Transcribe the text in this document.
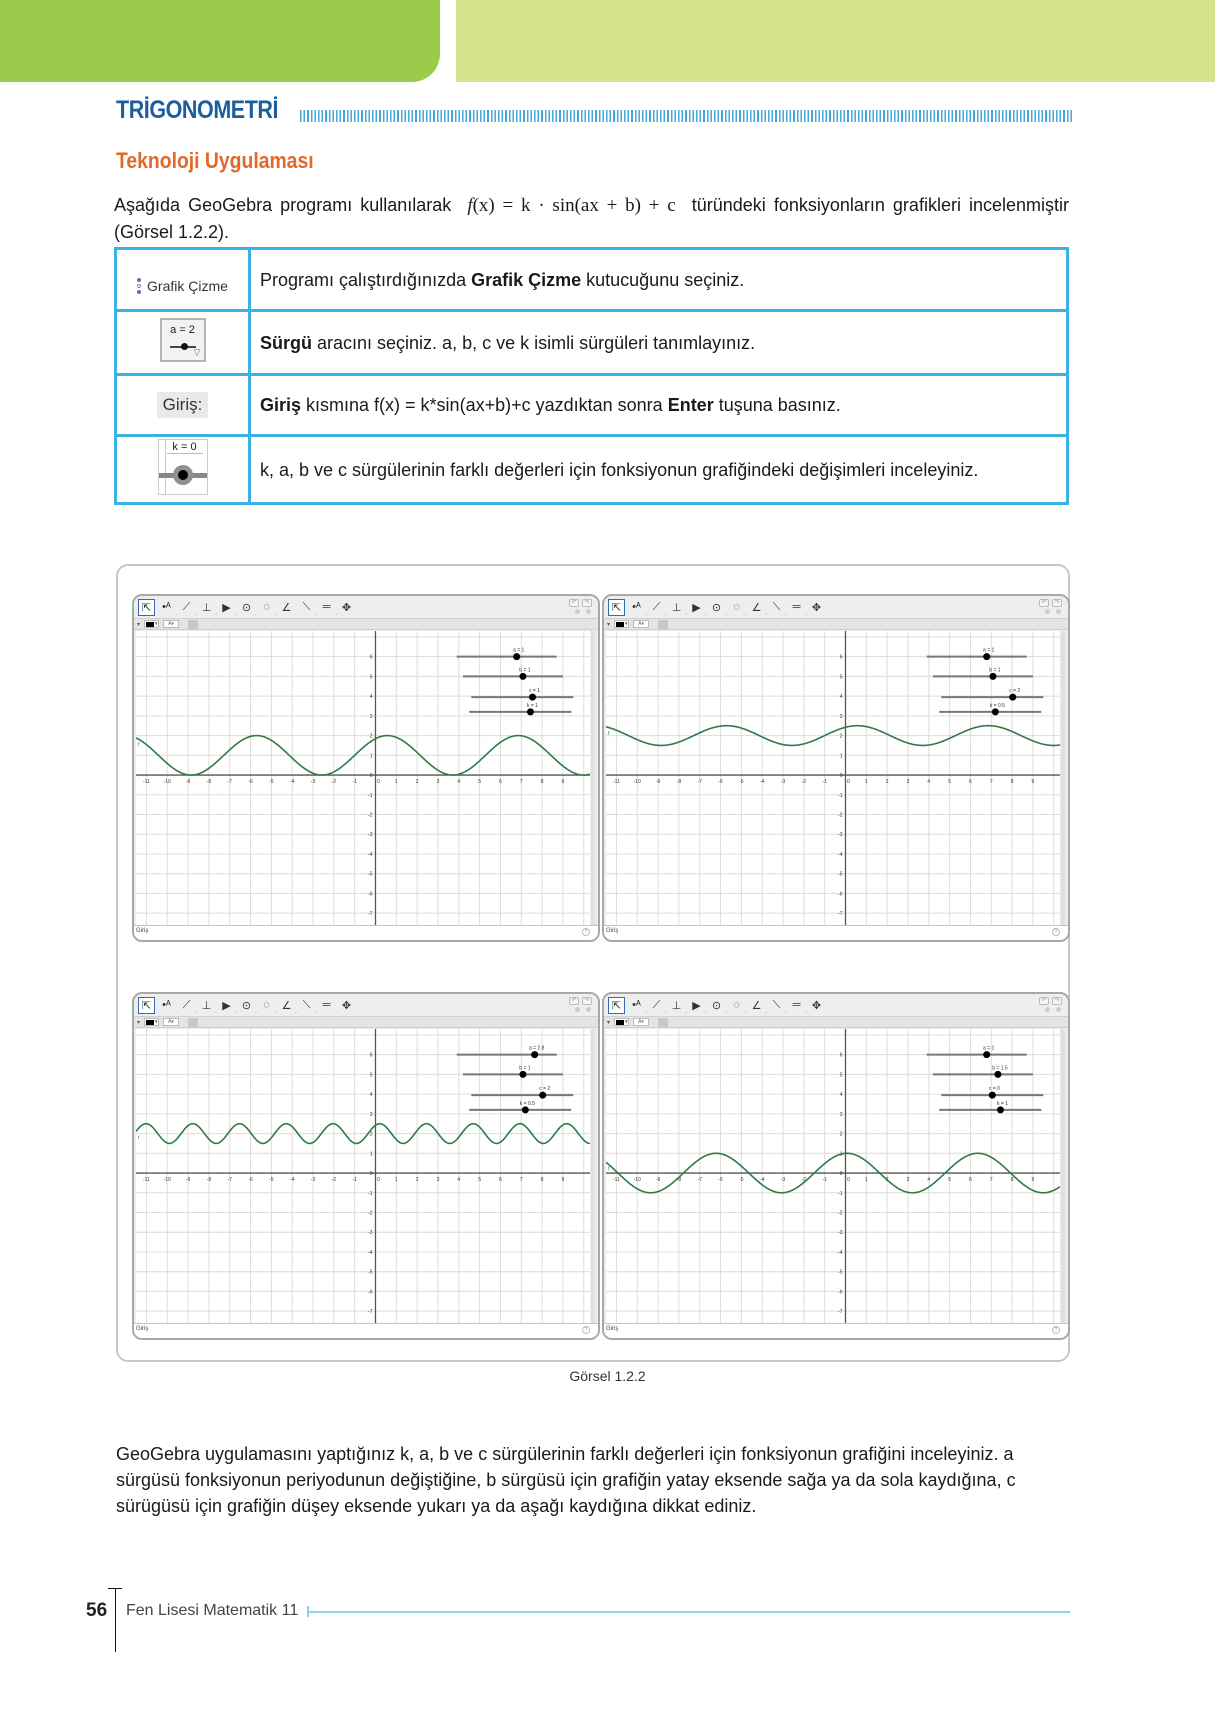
TRİGONOMETRİ
Teknoloji Uygulaması

Aşağıda GeoGebra programı kullanılarak f(x) = k · sin(ax + b) + c türündeki fonksiyonların grafikleri incelenmiştir (Görsel 1.2.2).

Grafik Çizme	Programı çalıştırdığınızda Grafik Çizme kutucuğunu seçiniz.

a = 2
▽	Sürgü aracını seçiniz. a, b, c ve k isimli sürgüleri tanımlayınız.
Giriş:	Giriş kısmına f(x) = k*sin(ax+b)+c yazdıktan sonra Enter tuşuna basınız.

k = 0	k, a, b ve c sürgülerinin farklı değerleri için fonksiyonun grafiğindeki değişimleri inceleyiniz.
⇱ •ᴬ
◦
⟋
◦
⊥
◦
▶
◦
⊙
◦
◌
◦
∠
◦
⟍
◦
═
◦
✥	↶	↷
▾	▾	A▾
-11	-10	-9	-8	-7	-6	-5	-4	-3	-2	-1	0	1	2	3	4	5	6	7	8	9
6
5
4
3
2
1
0
-1
-2
-3
-4
-5
-6
-7
f
a = 1
b = 1
c = 1
k = 1
Giriş	?
⇱ •ᴬ
◦
⟋
◦
⊥
◦
▶
◦
⊙
◦
◌
◦
∠
◦
⟍
◦
═
◦
✥	↶	↷
▾	▾	A▾
-11	-10	-9	-8	-7	-6	-5	-4	-3	-2	-1	0	1	2	3	4	5	6	7	8	9
6
5
4
3
2
1
0
-1
-2
-3
-4
-5
-6
-7
f
a = 1
b = 1
c = 2
k = 0.5
Giriş	?
⇱ •ᴬ
◦
⟋
◦
⊥
◦
▶
◦
⊙
◦
◌
◦
∠
◦
⟍
◦
═
◦
✥	↶	↷
▾	▾	A▾
-11	-10	-9	-8	-7	-6	-5	-4	-3	-2	-1	0	1	2	3	4	5	6	7	8	9
6
5
4
3
2
1
0
-1
-2
-3
-4
-5
-6
-7
f
a = 2.8
b = 1
c = 2
k = 0.5
Giriş	?
⇱ •ᴬ
◦
⟋
◦
⊥
◦
▶
◦
⊙
◦
◌
◦
∠
◦
⟍
◦
═
◦
✥	↶	↷
▾	▾	A▾
-11	-10	-9	-8	-7	-6	-5	-4	-3	-2	-1	0	1	2	3	4	5	6	7	8	9
6
5
4
3
2
1
0
-1
-2
-3
-4
-5
-6
-7
f
a = 1
b = 1.5
c = 0
k = 1
Giriş	?
Görsel 1.2.2

GeoGebra uygulamasını yaptığınız k, a, b ve c sürgülerinin farklı değerleri için fonksiyonun grafiğini inceleyiniz. a sürgüsü fonksiyonun periyodunun değiştiğine, b sürgüsü için grafiğin yatay eksende sağa ya da sola kaydığına, c sürügüsü için grafiğin düşey eksende yukarı ya da aşağı kaydığına dikkat ediniz.

56 Fen Lisesi Matematik 11
